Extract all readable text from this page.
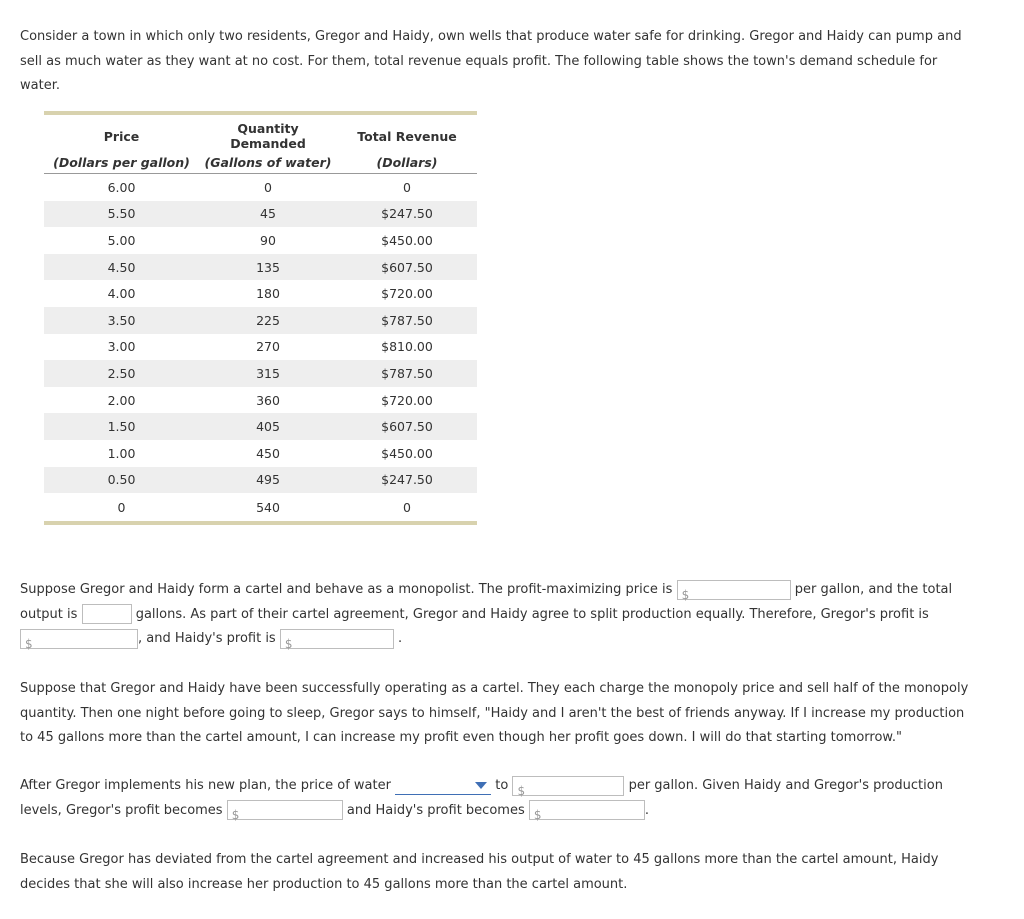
Consider a town in which only two residents, Gregor and Haidy, own wells that produce water safe for drinking. Gregor and Haidy can pump and sell as much water as they want at no cost. For them, total revenue equals profit. The following table shows the town's demand schedule for water.

Price	Quantity Demanded	Total Revenue
(Dollars per gallon)	(Gallons of water)	(Dollars)
6.00	0	0
5.50	45	$247.50
5.00	90	$450.00
4.50	135	$607.50
4.00	180	$720.00
3.50	225	$787.50
3.00	270	$810.00
2.50	315	$787.50
2.00	360	$720.00
1.50	405	$607.50
1.00	450	$450.00
0.50	495	$247.50
0	540	0

Suppose Gregor and Haidy form a cartel and behave as a monopolist. The profit-maximizing price is $	per gallon, and the total output is	gallons. As part of their cartel agreement, Gregor and Haidy agree to split production equally. Therefore, Gregor's profit is
$	, and Haidy's profit is $	.

Suppose that Gregor and Haidy have been successfully operating as a cartel. They each charge the monopoly price and sell half of the monopoly quantity. Then one night before going to sleep, Gregor says to himself, "Haidy and I aren't the best of friends anyway. If I increase my production to 45 gallons more than the cartel amount, I can increase my profit even though her profit goes down. I will do that starting tomorrow."

After Gregor implements his new plan, the price of water	to $	per gallon. Given Haidy and Gregor's production levels, Gregor's profit becomes $	and Haidy's profit becomes $	.

Because Gregor has deviated from the cartel agreement and increased his output of water to 45 gallons more than the cartel amount, Haidy decides that she will also increase her production to 45 gallons more than the cartel amount.
